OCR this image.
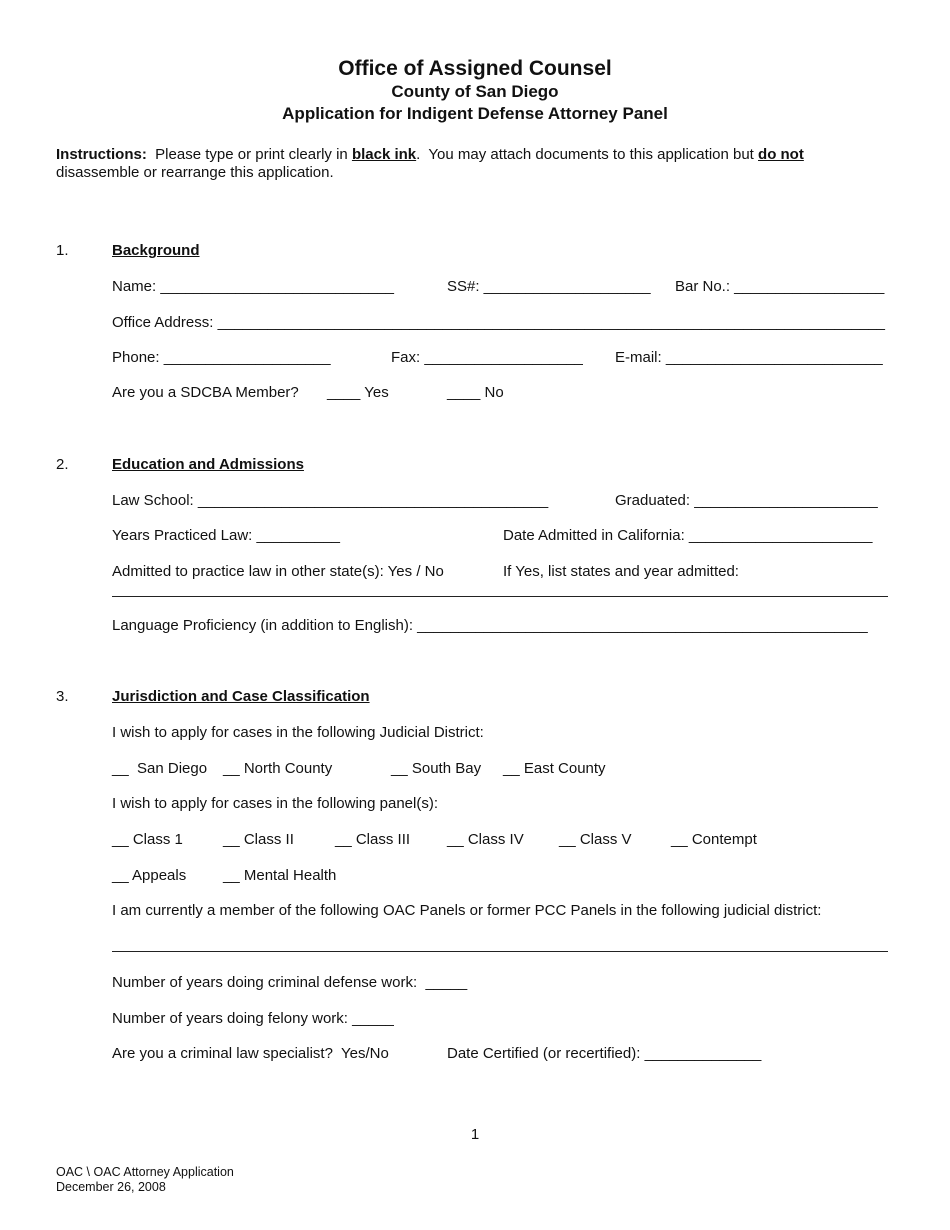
Office of Assigned Counsel
County of San Diego
Application for Indigent Defense Attorney Panel
Instructions:  Please type or print clearly in black ink.  You may attach documents to this application but do not
disassemble or rearrange this application.
1.	Background
Name: ____________________________	SS#: ____________________ Bar No.: __________________
Office Address: ________________________________________________________________________________
Phone: ____________________	Fax: ___________________ E-mail: __________________________
Are you a SDCBA Member? ____ Yes	____ No
2.	Education and Admissions
Law School: __________________________________________	Graduated: ______________________
Years Practiced Law: __________	Date Admitted in California: ______________________
Admitted to practice law in other state(s): Yes / No	If Yes, list states and year admitted:
Language Proficiency (in addition to English): ______________________________________________________
3.	Jurisdiction and Case Classification
I wish to apply for cases in the following Judicial District:
__  San Diego __ North County	__ South Bay __ East County
I wish to apply for cases in the following panel(s):
__ Class 1	__ Class II	__ Class III __ Class IV __ Class V	__ Contempt
__ Appeals __ Mental Health
I am currently a member of the following OAC Panels or former PCC Panels in the following judicial district:
Number of years doing criminal defense work:  _____
Number of years doing felony work: _____
Are you a criminal law specialist?  Yes/No	Date Certified (or recertified): ______________
1
OAC \ OAC Attorney Application
December 26, 2008
